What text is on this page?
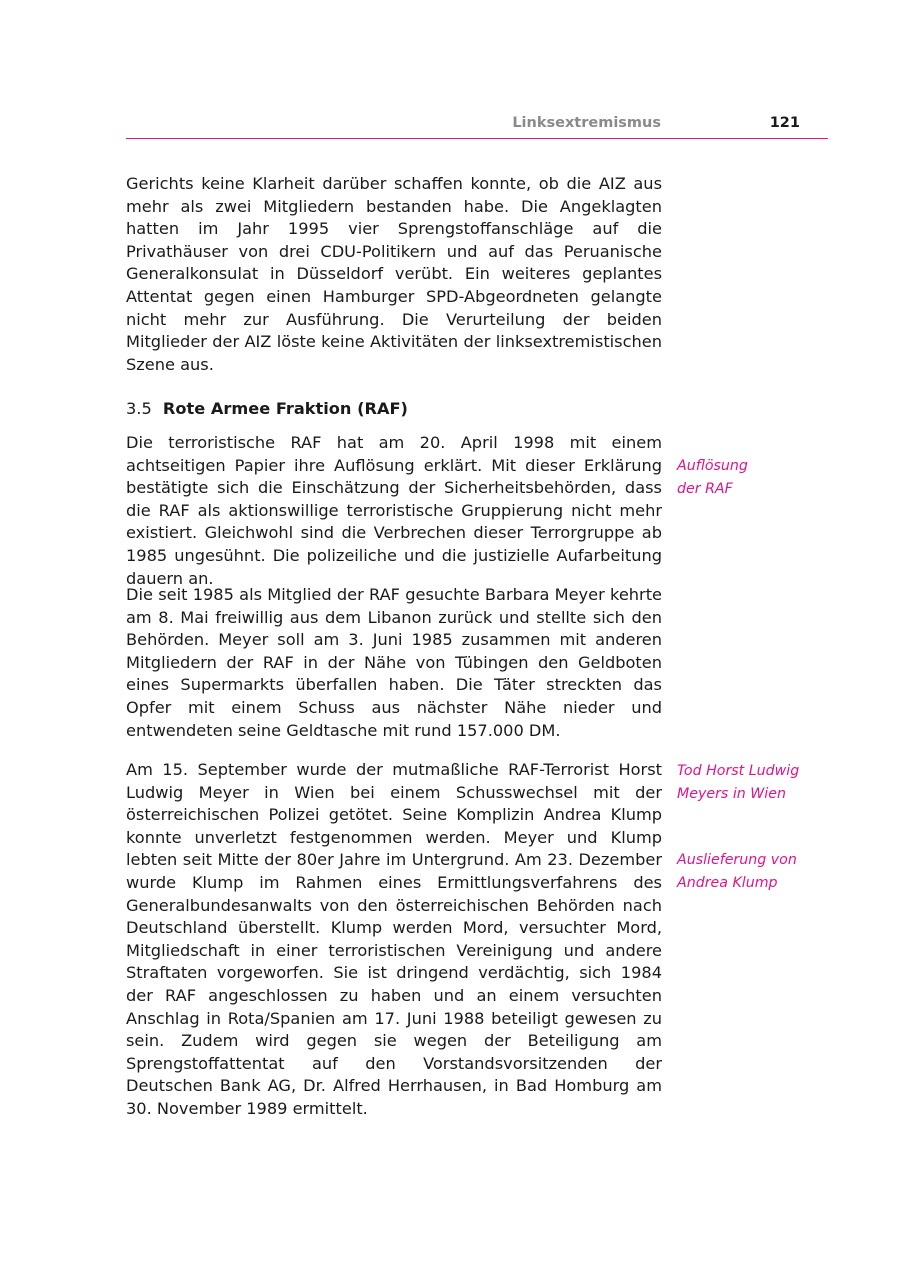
Linksextremismus	121

Gerichts keine Klarheit darüber schaffen konnte, ob die AIZ aus mehr als zwei Mitgliedern bestanden habe. Die Angeklagten hatten im Jahr 1995 vier Sprengstoffanschläge auf die Privathäuser von drei CDU-Politikern und auf das Peruanische Generalkonsulat in Düsseldorf verübt. Ein weiteres geplantes Attentat gegen einen Hamburger SPD-Abgeordneten gelangte nicht mehr zur Ausführung. Die Verurteilung der beiden Mitglieder der AIZ löste keine Aktivitäten der linksextremistischen Szene aus.

3.5 Rote Armee Fraktion (RAF)

Die terroristische RAF hat am 20. April 1998 mit einem achtseitigen Papier ihre Auflösung erklärt. Mit dieser Erklärung bestätigte sich die Einschätzung der Sicherheitsbehörden, dass die RAF als aktionswillige terroristische Gruppierung nicht mehr existiert. Gleichwohl sind die Verbrechen dieser Terrorgruppe ab 1985 ungesühnt. Die polizeiliche und die justizielle Aufarbeitung dauern an.

Die seit 1985 als Mitglied der RAF gesuchte Barbara Meyer kehrte am 8. Mai freiwillig aus dem Libanon zurück und stellte sich den Behörden. Meyer soll am 3. Juni 1985 zusammen mit anderen Mitgliedern der RAF in der Nähe von Tübingen den Geldboten eines Supermarkts überfallen haben. Die Täter streckten das Opfer mit einem Schuss aus nächster Nähe nieder und entwendeten seine Geldtasche mit rund 157.000 DM.

Am 15. September wurde der mutmaßliche RAF-Terrorist Horst Ludwig Meyer in Wien bei einem Schusswechsel mit der österreichischen Polizei getötet. Seine Komplizin Andrea Klump konnte unverletzt festgenommen werden. Meyer und Klump lebten seit Mitte der 80er Jahre im Untergrund. Am 23. Dezember wurde Klump im Rahmen eines Ermittlungsverfahrens des Generalbundesanwalts von den österreichischen Behörden nach Deutschland überstellt. Klump werden Mord, versuchter Mord, Mitgliedschaft in einer terroristischen Vereinigung und andere Straftaten vorgeworfen. Sie ist dringend verdächtig, sich 1984 der RAF angeschlossen zu haben und an einem versuchten Anschlag in Rota/Spanien am 17. Juni 1988 beteiligt gewesen zu sein. Zudem wird gegen sie wegen der Beteiligung am Sprengstoffattentat auf den Vorstandsvorsitzenden der Deutschen Bank AG, Dr. Alfred Herrhausen, in Bad Homburg am 30. November 1989 ermittelt.

Auflösung
der RAF
Tod Horst Ludwig
Meyers in Wien
Auslieferung von
Andrea Klump
